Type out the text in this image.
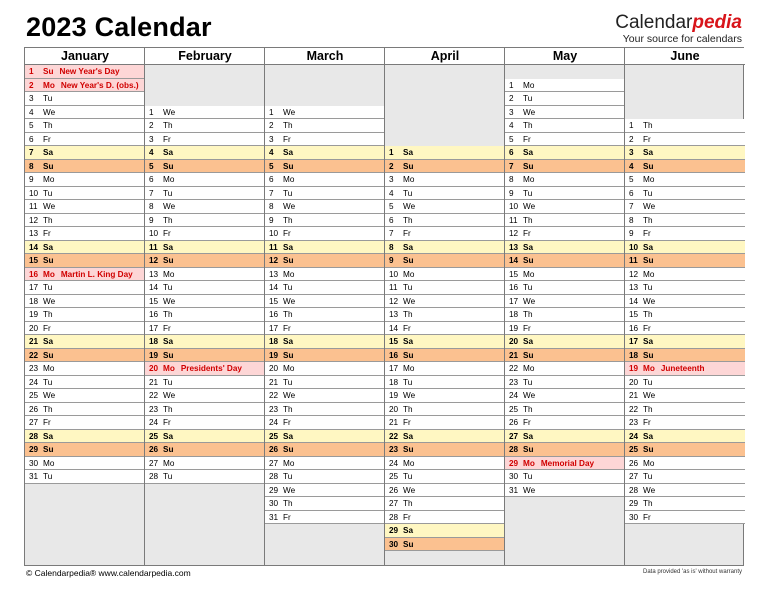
2023 Calendar	Calendarpedia
Your source for calendars
January
1 Su New Year's Day
2 Mo New Year's D. (obs.)
3 Tu
4 We
5 Th
6 Fr
7 Sa
8 Su
9 Mo
10 Tu
11 We
12 Th
13 Fr
14 Sa
15 Su
16 Mo Martin L. King Day
17 Tu
18 We
19 Th
20 Fr
21 Sa
22 Su
23 Mo
24 Tu
25 We
26 Th
27 Fr
28 Sa
29 Su
30 Mo
31 Tu
February
1 We
2 Th
3 Fr
4 Sa
5 Su
6 Mo
7 Tu
8 We
9 Th
10 Fr
11 Sa
12 Su
13 Mo
14 Tu
15 We
16 Th
17 Fr
18 Sa
19 Su
20 Mo Presidents' Day
21 Tu
22 We
23 Th
24 Fr
25 Sa
26 Su
27 Mo
28 Tu
March
1 We
2 Th
3 Fr
4 Sa
5 Su
6 Mo
7 Tu
8 We
9 Th
10 Fr
11 Sa
12 Su
13 Mo
14 Tu
15 We
16 Th
17 Fr
18 Sa
19 Su
20 Mo
21 Tu
22 We
23 Th
24 Fr
25 Sa
26 Su
27 Mo
28 Tu
29 We
30 Th
31 Fr
April
1 Sa
2 Su
3 Mo
4 Tu
5 We
6 Th
7 Fr
8 Sa
9 Su
10 Mo
11 Tu
12 We
13 Th
14 Fr
15 Sa
16 Su
17 Mo
18 Tu
19 We
20 Th
21 Fr
22 Sa
23 Su
24 Mo
25 Tu
26 We
27 Th
28 Fr
29 Sa
30 Su
May
1 Mo
2 Tu
3 We
4 Th
5 Fr
6 Sa
7 Su
8 Mo
9 Tu
10 We
11 Th
12 Fr
13 Sa
14 Su
15 Mo
16 Tu
17 We
18 Th
19 Fr
20 Sa
21 Su
22 Mo
23 Tu
24 We
25 Th
26 Fr
27 Sa
28 Su
29 Mo Memorial Day
30 Tu
31 We
June
1 Th
2 Fr
3 Sa
4 Su
5 Mo
6 Tu
7 We
8 Th
9 Fr
10 Sa
11 Su
12 Mo
13 Tu
14 We
15 Th
16 Fr
17 Sa
18 Su
19 Mo Juneteenth
20 Tu
21 We
22 Th
23 Fr
24 Sa
25 Su
26 Mo
27 Tu
28 We
29 Th
30 Fr
© Calendarpedia® www.calendarpedia.com	Data provided 'as is' without warranty
